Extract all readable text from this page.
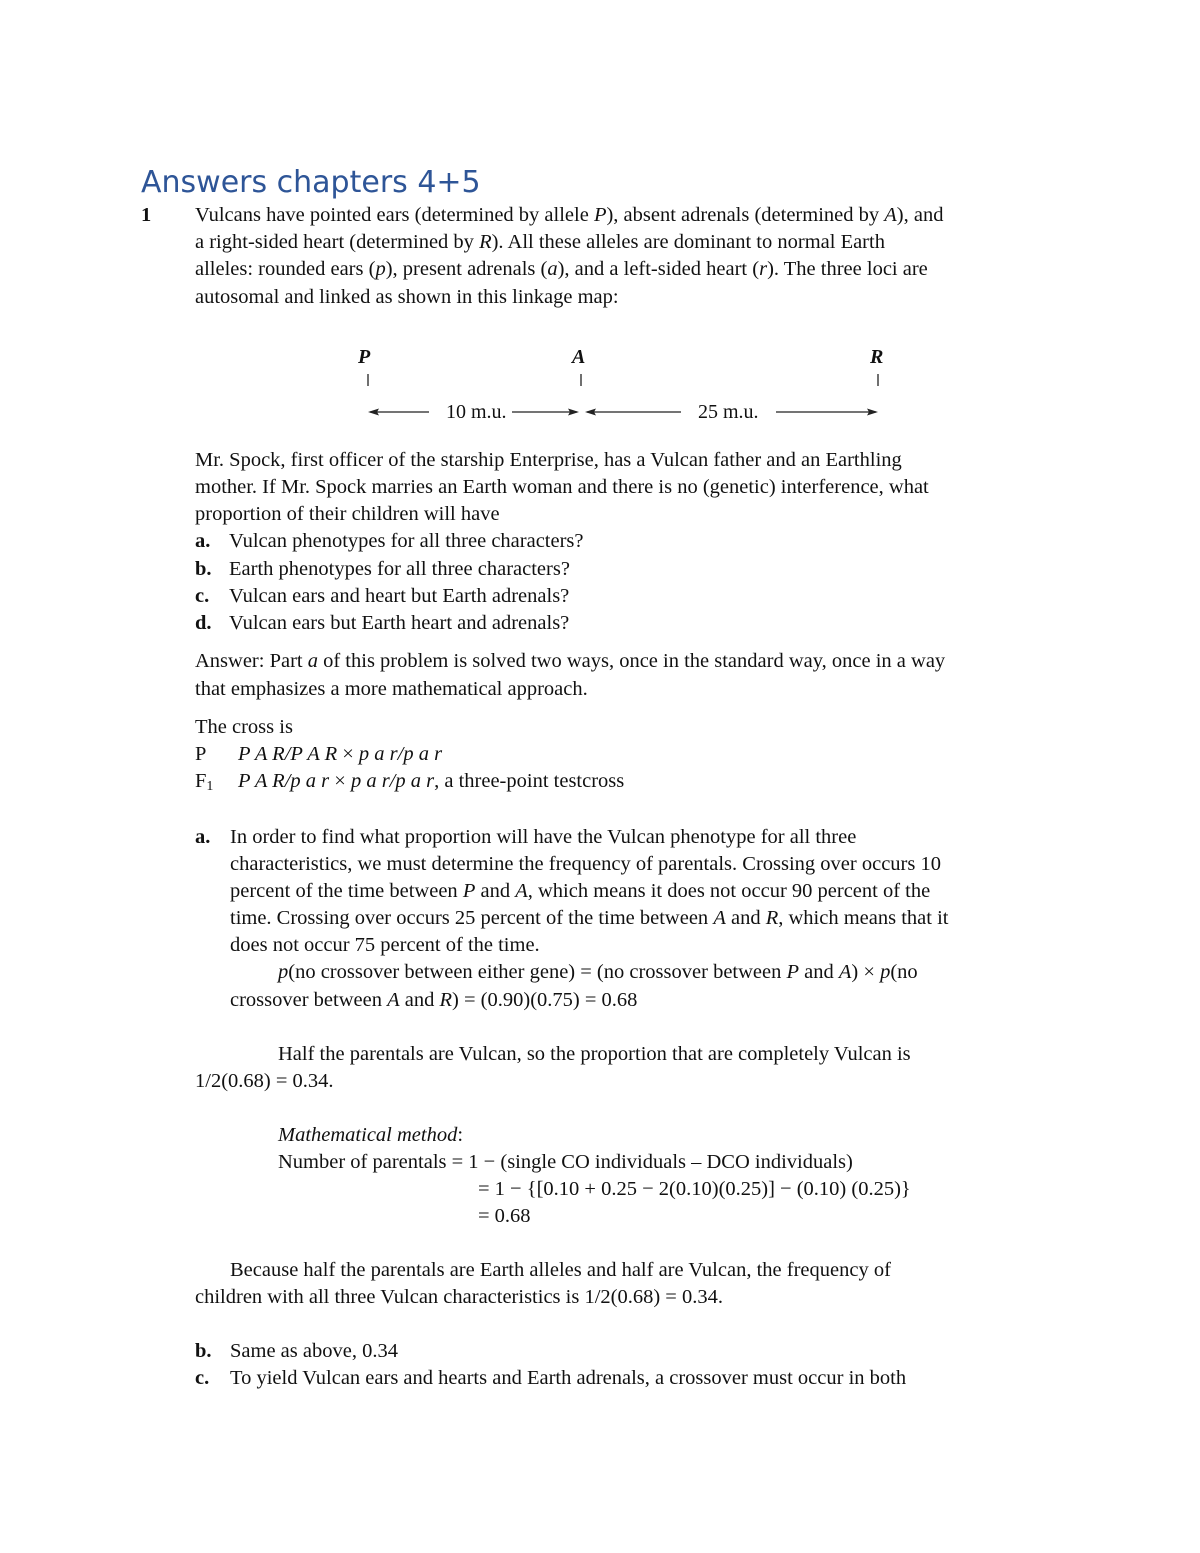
Answers chapters 4+5
1 Vulcans have pointed ears (determined by allele P), absent adrenals (determined by A), and
a right-sided heart (determined by R). All these alleles are dominant to normal Earth
alleles: rounded ears (p), present adrenals (a), and a left-sided heart (r). The three loci are
autosomal and linked as shown in this linkage map:
P	A	R
10 m.u.	25 m.u.
Mr. Spock, first officer of the starship Enterprise, has a Vulcan father and an Earthling
mother. If Mr. Spock marries an Earth woman and there is no (genetic) interference, what
proportion of their children will have
a. Vulcan phenotypes for all three characters?
b. Earth phenotypes for all three characters?
c. Vulcan ears and heart but Earth adrenals?
d. Vulcan ears but Earth heart and adrenals?
Answer: Part a of this problem is solved two ways, once in the standard way, once in a way
that emphasizes a more mathematical approach.
The cross is
P P A R/P A R × p a r/p a r
$F_1$ P A R/p a r × p a r/p a r, a three-point testcross
a. In order to find what proportion will have the Vulcan phenotype for all three
characteristics, we must determine the frequency of parentals. Crossing over occurs 10
percent of the time between P and A, which means it does not occur 90 percent of the
time. Crossing over occurs 25 percent of the time between A and R, which means that it
does not occur 75 percent of the time.
p(no crossover between either gene) = (no crossover between P and A) × p(no
crossover between A and R) = (0.90)(0.75) = 0.68
Half the parentals are Vulcan, so the proportion that are completely Vulcan is
1/2(0.68) = 0.34.
Mathematical method:
Number of parentals = 1 − (single CO individuals – DCO individuals)
= 1 − {[0.10 + 0.25 − 2(0.10)(0.25)] − (0.10) (0.25)}
= 0.68
Because half the parentals are Earth alleles and half are Vulcan, the frequency of
children with all three Vulcan characteristics is 1/2(0.68) = 0.34.
b. Same as above, 0.34
c. To yield Vulcan ears and hearts and Earth adrenals, a crossover must occur in both
